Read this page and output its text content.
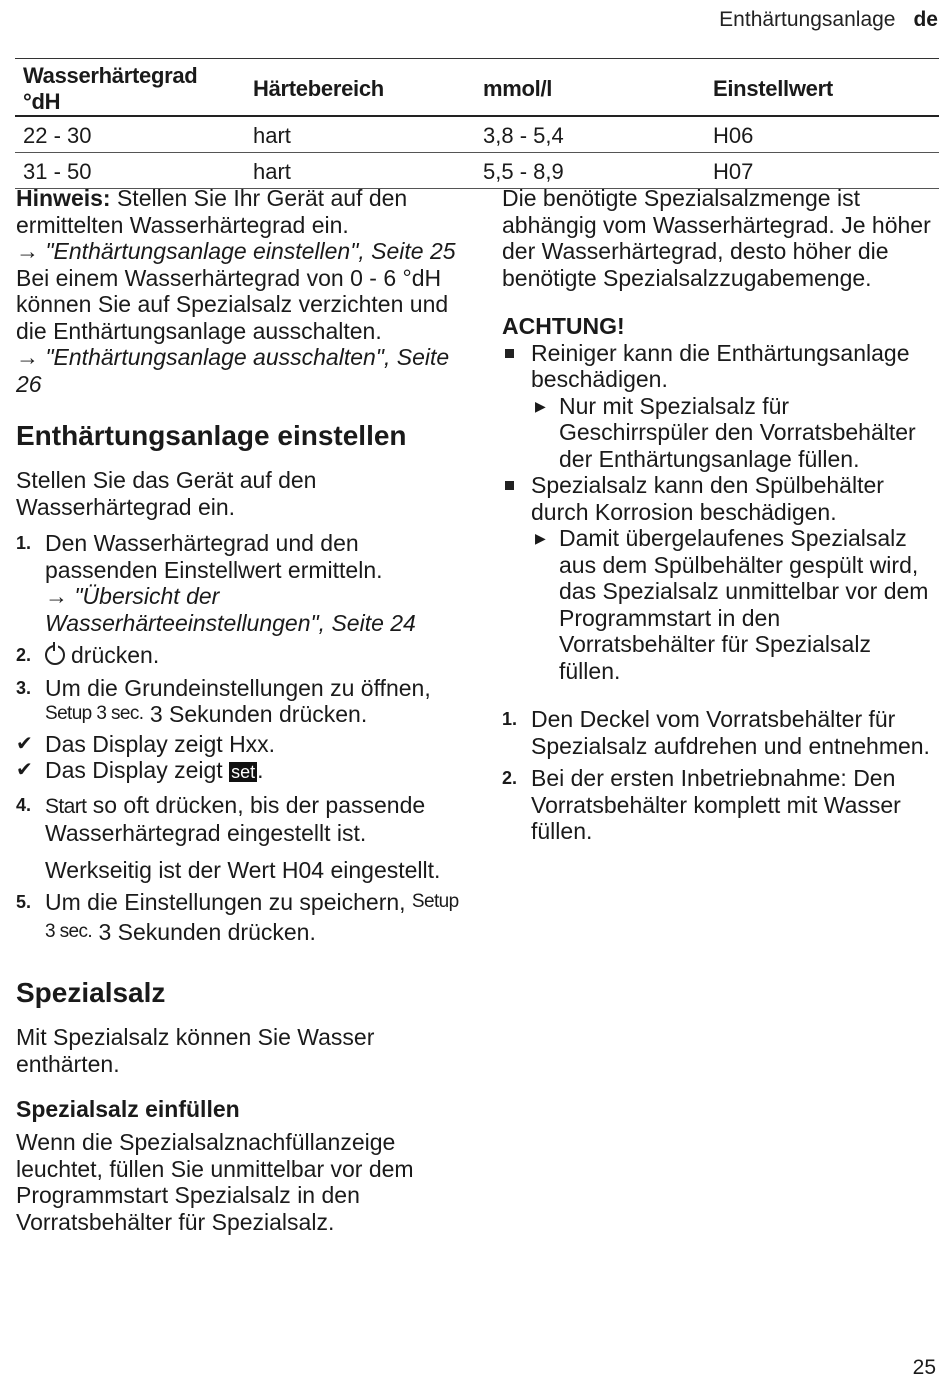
Enthärtungsanlage de
Wasserhärtegrad °dH	Härtebereich	mmol/l	Einstellwert
22 - 30	hart	3,8 - 5,4	H06
31 - 50	hart	5,5 - 8,9	H07

Hinweis: Stellen Sie Ihr Gerät auf den ermittelten Wasserhärtegrad ein.

→ "Enthärtungsanlage einstellen", Seite 25

Bei einem Wasserhärtegrad von 0 - 6 °dH können Sie auf Spezialsalz verzichten und die Enthärtungsanlage ausschalten.

→ "Enthärtungsanlage ausschalten", Seite 26

Enthärtungsanlage einstellen

Stellen Sie das Gerät auf den Wasserhärtegrad ein.

1. Den Wasserhärtegrad und den passenden Einstellwert ermitteln.

→ "Übersicht der Wasserhärteeinstellungen", Seite 24

2.	drücken.

3. Um die Grundeinstellungen zu öffnen, Setup 3 sec. 3 Sekunden drücken.

✔ Das Display zeigt Hxx.

✔ Das Display zeigt set.

4. Start so oft drücken, bis der passende Wasserhärtegrad eingestellt ist.

Werkseitig ist der Wert H04 eingestellt.

5. Um die Einstellungen zu speichern, Setup 3 sec. 3 Sekunden drücken.

Spezialsalz

Mit Spezialsalz können Sie Wasser enthärten.

Spezialsalz einfüllen

Wenn die Spezialsalznachfüllanzeige leuchtet, füllen Sie unmittelbar vor dem Programmstart Spezialsalz in den Vorratsbehälter für Spezialsalz.

Die benötigte Spezialsalzmenge ist abhängig vom Wasserhärtegrad. Je höher der Wasserhärtegrad, desto höher die benötigte Spezialsalzzugabemenge.

ACHTUNG!

Reiniger kann die Enthärtungsanlage beschädigen.

▶ Nur mit Spezialsalz für Geschirrspüler den Vorratsbehälter der Enthärtungsanlage füllen.

Spezialsalz kann den Spülbehälter durch Korrosion beschädigen.

▶ Damit übergelaufenes Spezialsalz aus dem Spülbehälter gespült wird, das Spezialsalz unmittelbar vor dem Programmstart in den Vorratsbehälter für Spezialsalz füllen.

1. Den Deckel vom Vorratsbehälter für Spezialsalz aufdrehen und entnehmen.

2. Bei der ersten Inbetriebnahme: Den Vorratsbehälter komplett mit Wasser füllen.

25
